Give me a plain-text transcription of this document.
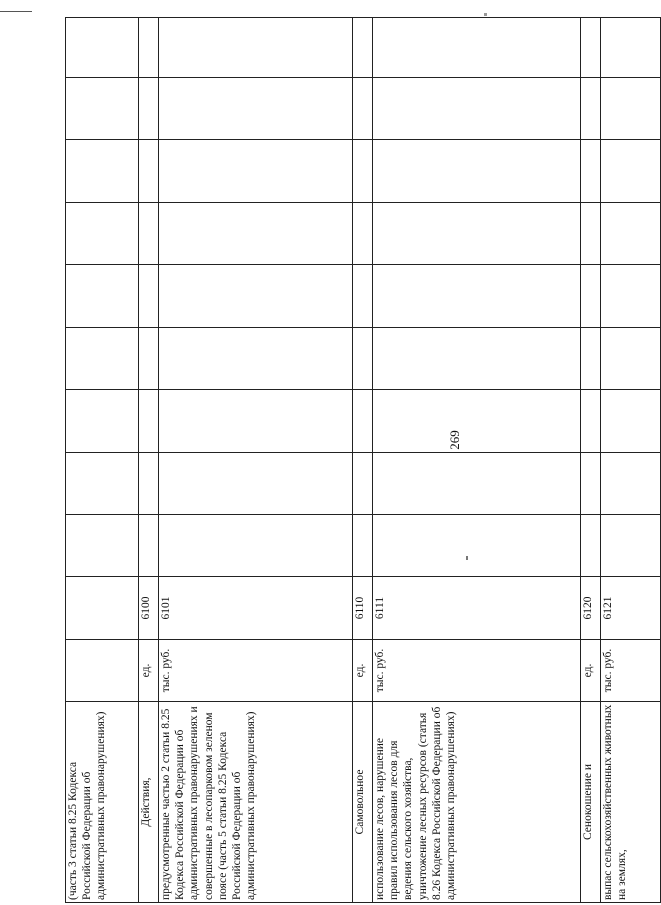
269
(часть 3 статьи 8.25 Кодекса Российской Федерации об административных правонарушениях)											

Действия,	ед.	6100									
предусмотренные частью 2 статьи 8.25 Кодекса Российской Федерации об административных правонарушениях и совершенные в лесопарковом зеленом поясе (часть 5 статьи 8.25 Кодекса Российской Федерации об административных правонарушениях)	тыс. руб.	6101									

Самовольное	ед.	6110									
использование лесов, нарушение правил использования лесов для ведения сельского хозяйства, уничтожение лесных ресурсов (статья 8.26 Кодекса Российской Федерации об административных правонарушениях)	тыс. руб.	6111									

Сенокошение и	ед.	6120									
выпас сельскохозяйственных животных на землях,	тыс. руб.	6121									
